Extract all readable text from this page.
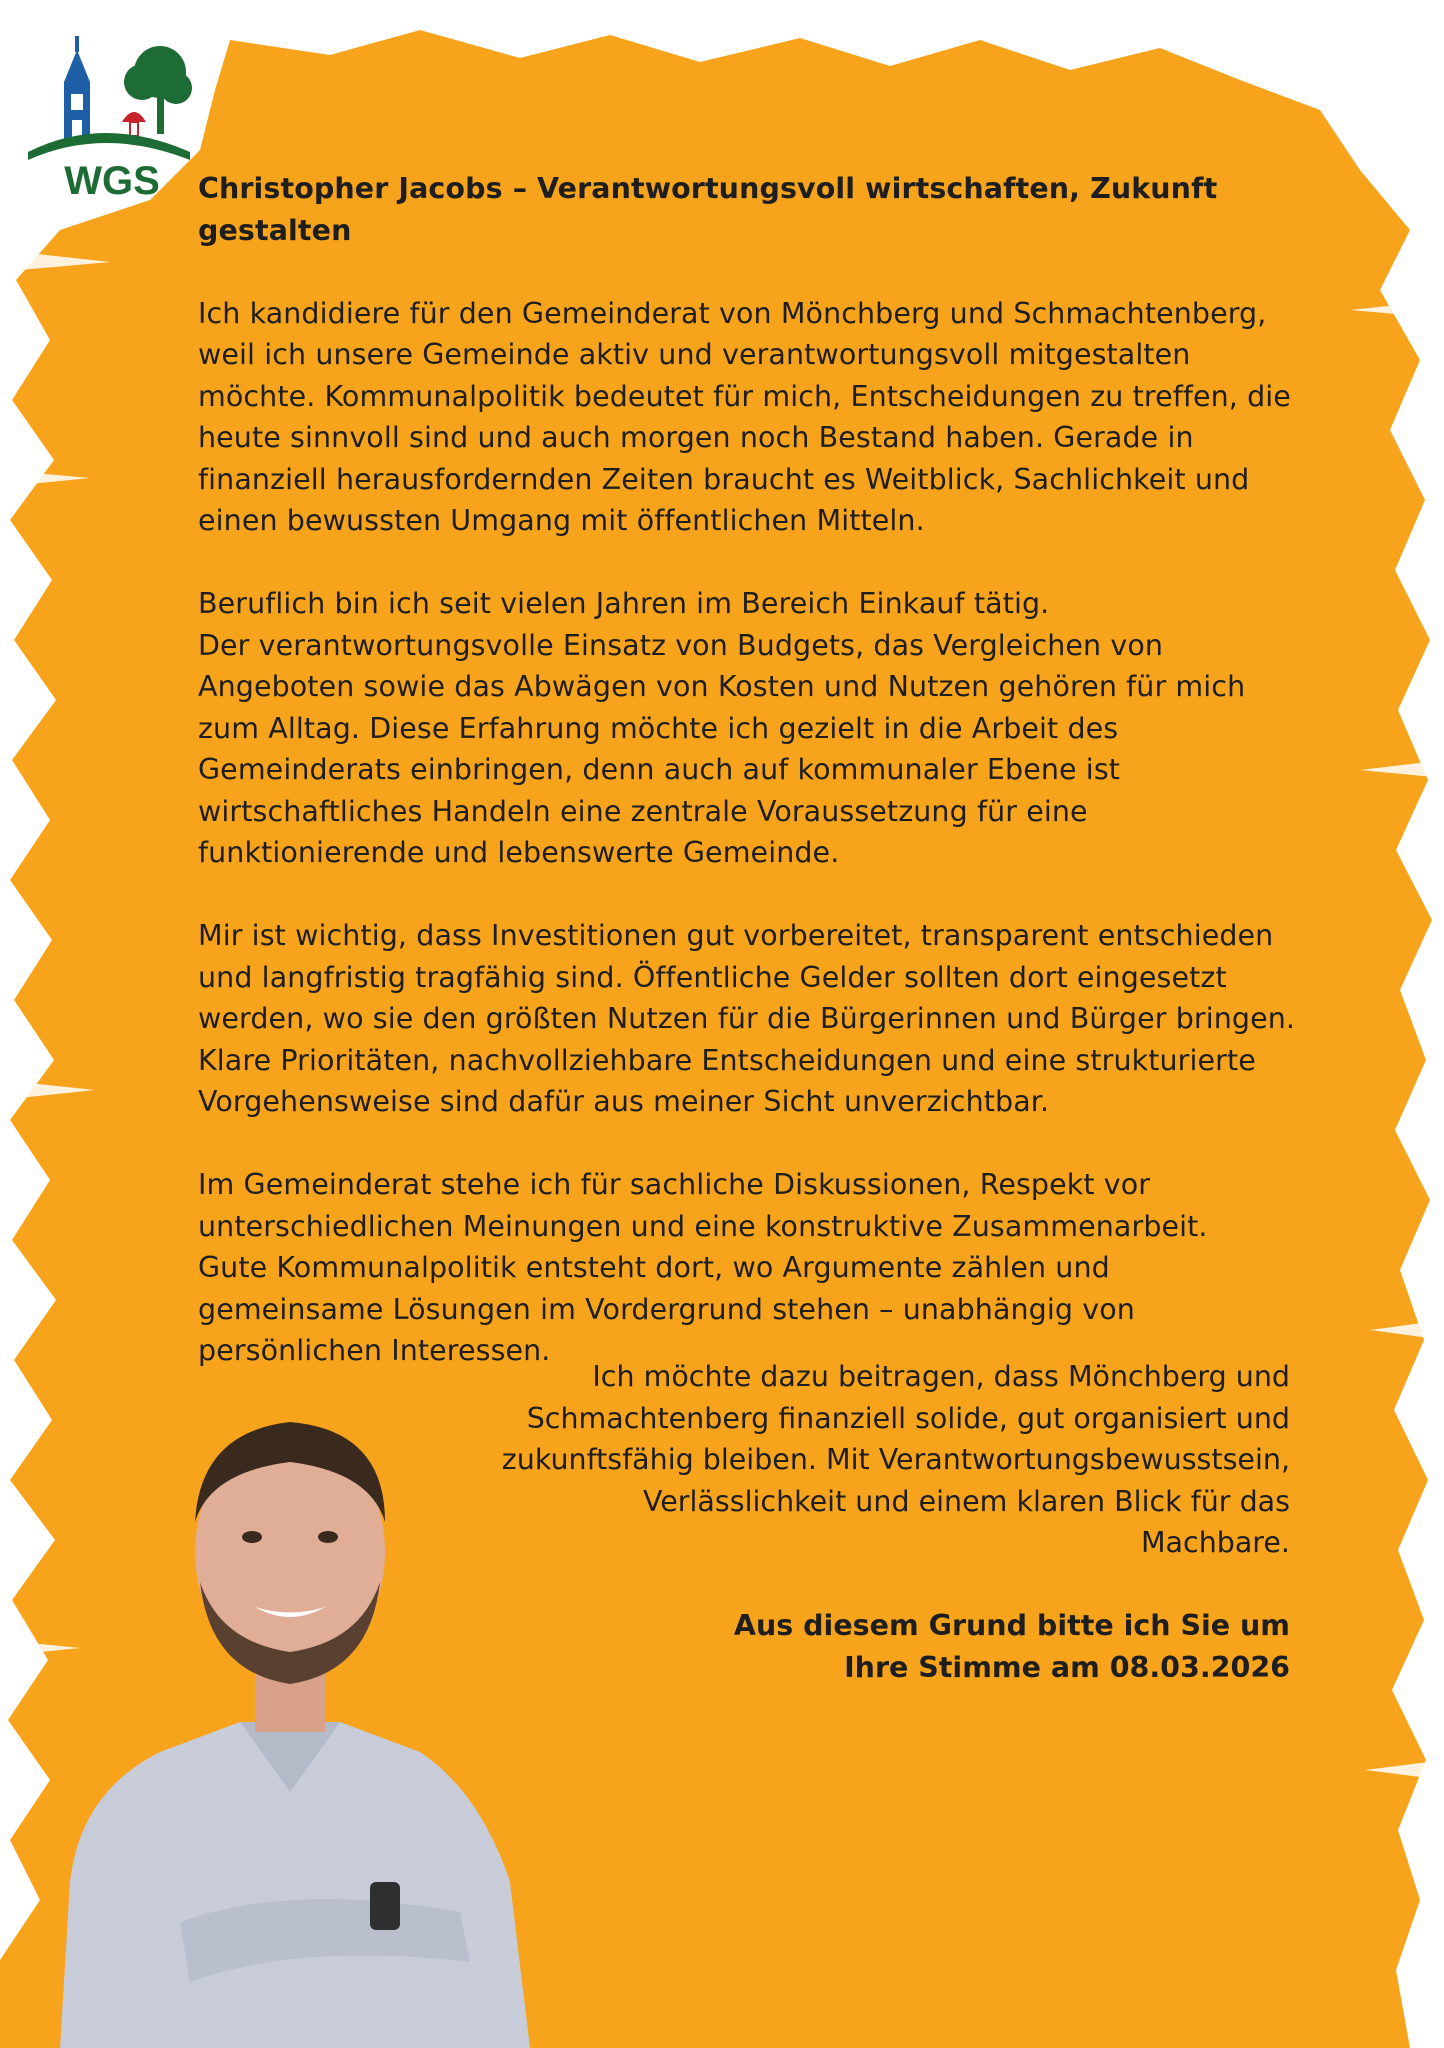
WGS Christopher Jacobs – Verantwortungsvoll wirtschaften, Zukunft gestalten
Ich kandidiere für den Gemeinderat von Mönchberg und Schmachtenberg,
weil ich unsere Gemeinde aktiv und verantwortungsvoll mitgestalten
möchte. Kommunalpolitik bedeutet für mich, Entscheidungen zu treffen, die
heute sinnvoll sind und auch morgen noch Bestand haben. Gerade in
finanziell herausfordernden Zeiten braucht es Weitblick, Sachlichkeit und
einen bewussten Umgang mit öffentlichen Mitteln.
Beruflich bin ich seit vielen Jahren im Bereich Einkauf tätig.
Der verantwortungsvolle Einsatz von Budgets, das Vergleichen von
Angeboten sowie das Abwägen von Kosten und Nutzen gehören für mich
zum Alltag. Diese Erfahrung möchte ich gezielt in die Arbeit des
Gemeinderats einbringen, denn auch auf kommunaler Ebene ist
wirtschaftliches Handeln eine zentrale Voraussetzung für eine
funktionierende und lebenswerte Gemeinde.
Mir ist wichtig, dass Investitionen gut vorbereitet, transparent entschieden
und langfristig tragfähig sind. Öffentliche Gelder sollten dort eingesetzt
werden, wo sie den größten Nutzen für die Bürgerinnen und Bürger bringen.
Klare Prioritäten, nachvollziehbare Entscheidungen und eine strukturierte
Vorgehensweise sind dafür aus meiner Sicht unverzichtbar.
Im Gemeinderat stehe ich für sachliche Diskussionen, Respekt vor
unterschiedlichen Meinungen und eine konstruktive Zusammenarbeit.
Gute Kommunalpolitik entsteht dort, wo Argumente zählen und
gemeinsame Lösungen im Vordergrund stehen – unabhängig von
persönlichen Interessen.
Ich möchte dazu beitragen, dass Mönchberg und
Schmachtenberg finanziell solide, gut organisiert und
zukunftsfähig bleiben. Mit Verantwortungsbewusstsein,
Verlässlichkeit und einem klaren Blick für das
Machbare.
Aus diesem Grund bitte ich Sie um
Ihre Stimme am 08.03.2026
